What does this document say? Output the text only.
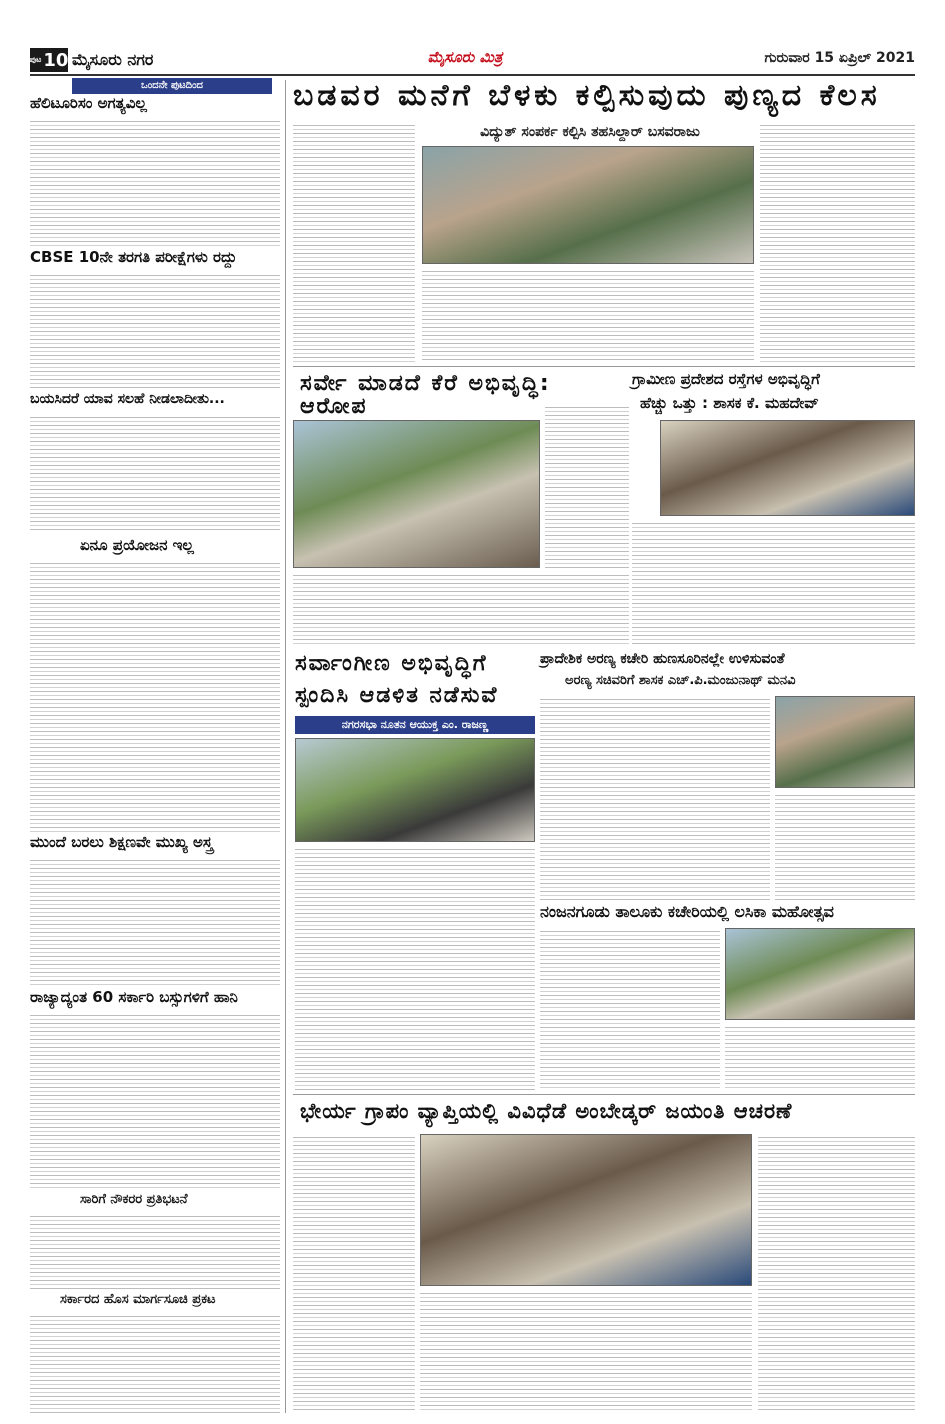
ಪುಟ 10 ಮೈಸೂರು ನಗರ	ಮೈಸೂರು ಮಿತ್ರ	ಗುರುವಾರ 15 ಏಪ್ರಿಲ್ 2021
ಒಂದನೇ ಪುಟದಿಂದ
ಹೆಲಿಟೂರಿಸಂ ಅಗತ್ಯವಿಲ್ಲ
CBSE 10ನೇ ತರಗತಿ ಪರೀಕ್ಷೆಗಳು ರದ್ದು
ಬಯಸಿದರೆ ಯಾವ ಸಲಹೆ ನೀಡಲಾದೀತು...
ಏನೂ ಪ್ರಯೋಜನ ಇಲ್ಲ
ಮುಂದೆ ಬರಲು ಶಿಕ್ಷಣವೇ ಮುಖ್ಯ ಅಸ್ತ್ರ
ರಾಜ್ಯಾದ್ಯಂತ 60 ಸರ್ಕಾರಿ ಬಸ್ಸುಗಳಿಗೆ ಹಾನಿ
ಸಾರಿಗೆ ನೌಕರರ ಪ್ರತಿಭಟನೆ
ಸರ್ಕಾರದ ಹೊಸ ಮಾರ್ಗಸೂಚಿ ಪ್ರಕಟ
ಬಡವರ ಮನೆಗೆ ಬೆಳಕು ಕಲ್ಪಿಸುವುದು ಪುಣ್ಯದ ಕೆಲಸ
ವಿದ್ಯುತ್ ಸಂಪರ್ಕ ಕಲ್ಪಿಸಿ ತಹಸಿಲ್ದಾರ್ ಬಸವರಾಜು
ಸರ್ವೇ ಮಾಡದೆ ಕೆರೆ ಅಭಿವೃದ್ಧಿ: ಆರೋಪ
ಗ್ರಾಮೀಣ ಪ್ರದೇಶದ ರಸ್ತೆಗಳ ಅಭಿವೃದ್ಧಿಗೆ
ಹೆಚ್ಚು ಒತ್ತು : ಶಾಸಕ ಕೆ. ಮಹದೇವ್
ಸರ್ವಾಂಗೀಣ ಅಭಿವೃದ್ಧಿಗೆ
ಸ್ಪಂದಿಸಿ ಆಡಳಿತ ನಡೆಸುವೆ
ನಗರಸಭಾ ನೂತನ ಆಯುಕ್ತ ಎಂ. ರಾಜಣ್ಣ
ಪ್ರಾದೇಶಿಕ ಅರಣ್ಯ ಕಚೇರಿ ಹುಣಸೂರಿನಲ್ಲೇ ಉಳಿಸುವಂತೆ
ಅರಣ್ಯ ಸಚಿವರಿಗೆ ಶಾಸಕ ಎಚ್.ಪಿ.ಮಂಜುನಾಥ್ ಮನವಿ
ನಂಜನಗೂಡು ತಾಲೂಕು ಕಚೇರಿಯಲ್ಲಿ ಲಸಿಕಾ ಮಹೋತ್ಸವ
ಭೇರ್ಯ ಗ್ರಾಪಂ ವ್ಯಾಪ್ತಿಯಲ್ಲಿ ವಿವಿಧೆಡೆ ಅಂಬೇಡ್ಕರ್ ಜಯಂತಿ ಆಚರಣೆ
